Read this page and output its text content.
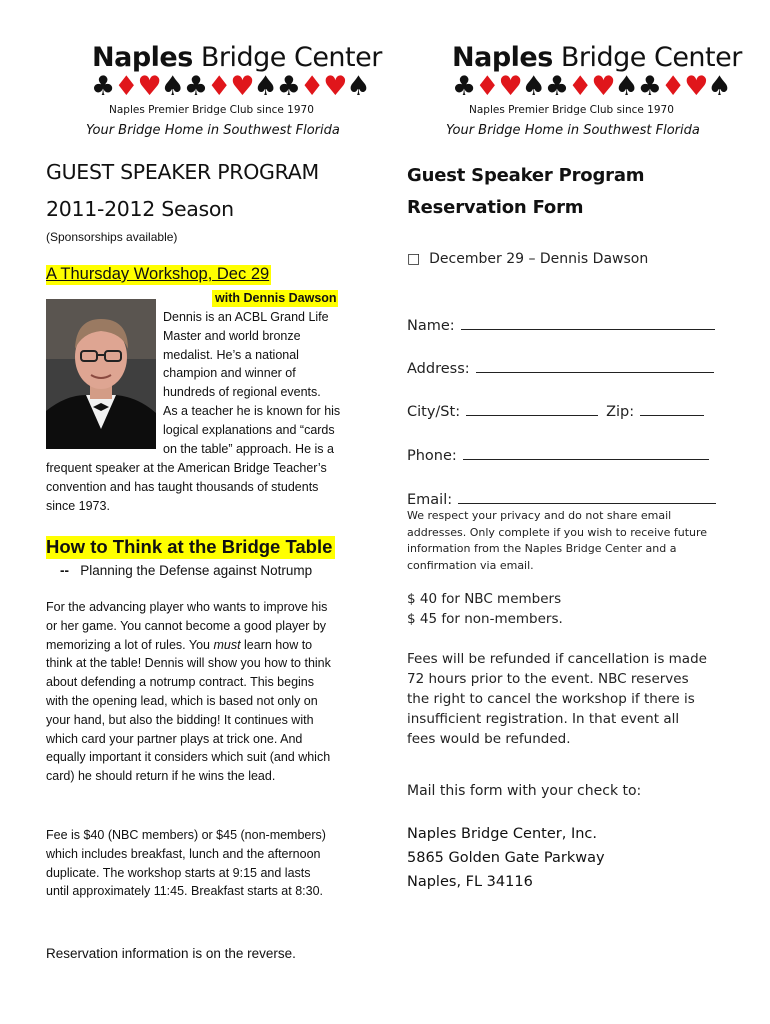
Naples Bridge Center
♣♦♥♠♣♦♥♠♣♦♥♠
Naples Premier Bridge Club since 1970
Your Bridge Home in Southwest Florida
Naples Bridge Center
♣♦♥♠♣♦♥♠♣♦♥♠
Naples Premier Bridge Club since 1970
Your Bridge Home in Southwest Florida
GUEST SPEAKER PROGRAM
2011-2012 Season
(Sponsorships available)
A Thursday Workshop, Dec 29
with Dennis Dawson
Dennis is an ACBL Grand Life
Master and world bronze
medalist. He’s a national
champion and winner of
hundreds of regional events.
As a teacher he is known for his
logical explanations and “cards
on the table” approach. He is a
frequent speaker at the American Bridge Teacher’s
convention and has taught thousands of students
since 1973.
How to Think at the Bridge Table
-- Planning the Defense against Notrump
For the advancing player who wants to improve his
or her game. You cannot become a good player by
memorizing a lot of rules. You must learn how to
think at the table! Dennis will show you how to think
about defending a notrump contract. This begins
with the opening lead, which is based not only on
your hand, but also the bidding! It continues with
which card your partner plays at trick one. And
equally important it considers which suit (and which
card) he should return if he wins the lead.
Fee is $40 (NBC members) or $45 (non-members)
which includes breakfast, lunch and the afternoon
duplicate. The workshop starts at 9:15 and lasts
until approximately 11:45. Breakfast starts at 8:30.
Reservation information is on the reverse.
Guest Speaker Program
Reservation Form
□ December 29 – Dennis Dawson
Name:
Address:
City/St:	Zip:
Phone:
Email:
We respect your privacy and do not share email
addresses. Only complete if you wish to receive future
information from the Naples Bridge Center and a
confirmation via email.
$ 40 for NBC members
$ 45 for non-members.
Fees will be refunded if cancellation is made
72 hours prior to the event. NBC reserves
the right to cancel the workshop if there is
insufficient registration. In that event all
fees would be refunded.
Mail this form with your check to:
Naples Bridge Center, Inc.
5865 Golden Gate Parkway
Naples, FL 34116
